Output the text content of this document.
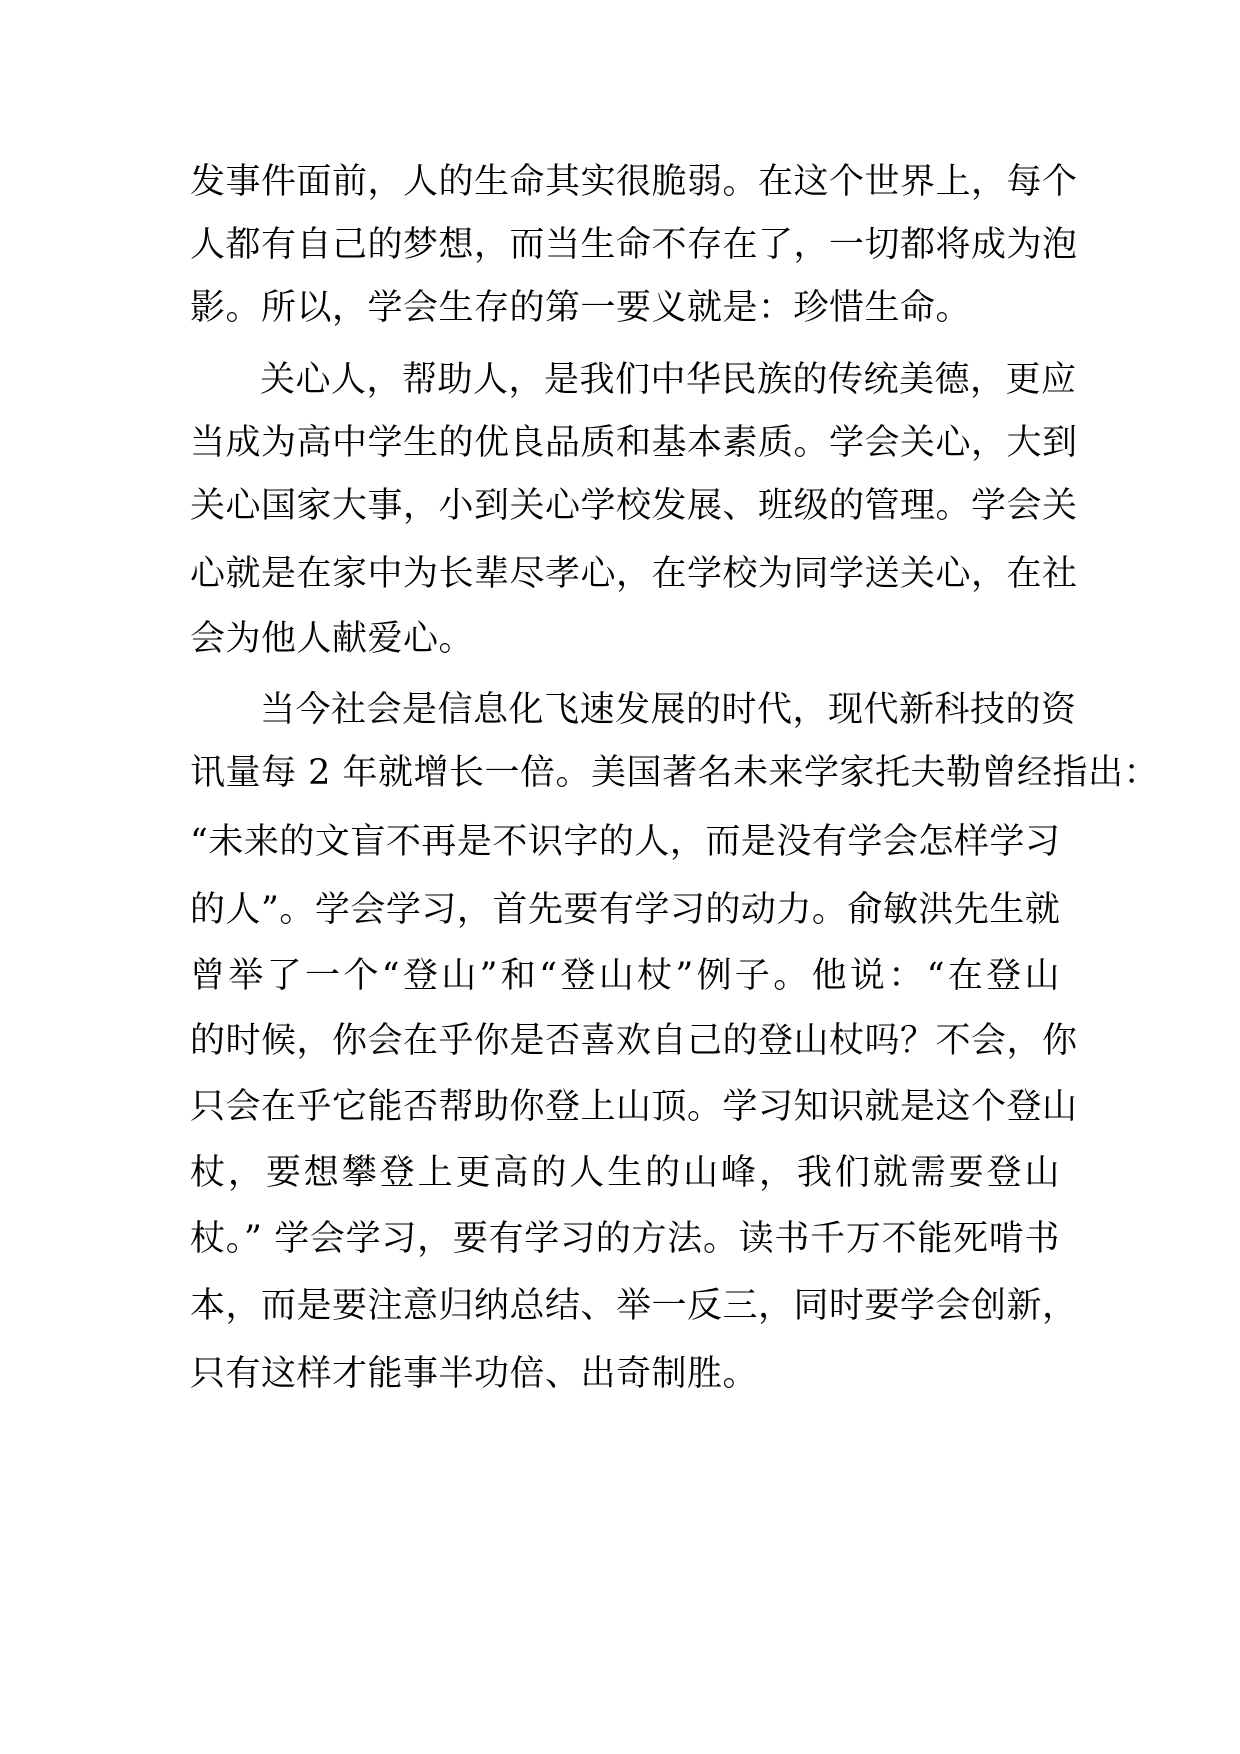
发事件面前，人的生命其实很脆弱。在这个世界上，每个
人都有自己的梦想，而当生命不存在了，一切都将成为泡
影。所以，学会生存的第一要义就是：珍惜生命。
关心人，帮助人，是我们中华民族的传统美德，更应
当成为高中学生的优良品质和基本素质。学会关心，大到
关心国家大事，小到关心学校发展、班级的管理。学会关
心就是在家中为长辈尽孝心，在学校为同学送关心，在社
会为他人献爱心。
当今社会是信息化飞速发展的时代，现代新科技的资
讯量每 2 年就增长一倍。美国著名未来学家托夫勒曾经指出：
“未来的文盲不再是不识字的人，而是没有学会怎样学习
的人”。学会学习，首先要有学习的动力。俞敏洪先生就
曾举了一个“登山”和“登山杖”例子。他说：“在登山
的时候，你会在乎你是否喜欢自己的登山杖吗？不会，你
只会在乎它能否帮助你登上山顶。学习知识就是这个登山
杖，要想攀登上更高的人生的山峰，我们就需要登山
杖。” 学会学习，要有学习的方法。读书千万不能死啃书
本，而是要注意归纳总结、举一反三，同时要学会创新，
只有这样才能事半功倍、出奇制胜。
